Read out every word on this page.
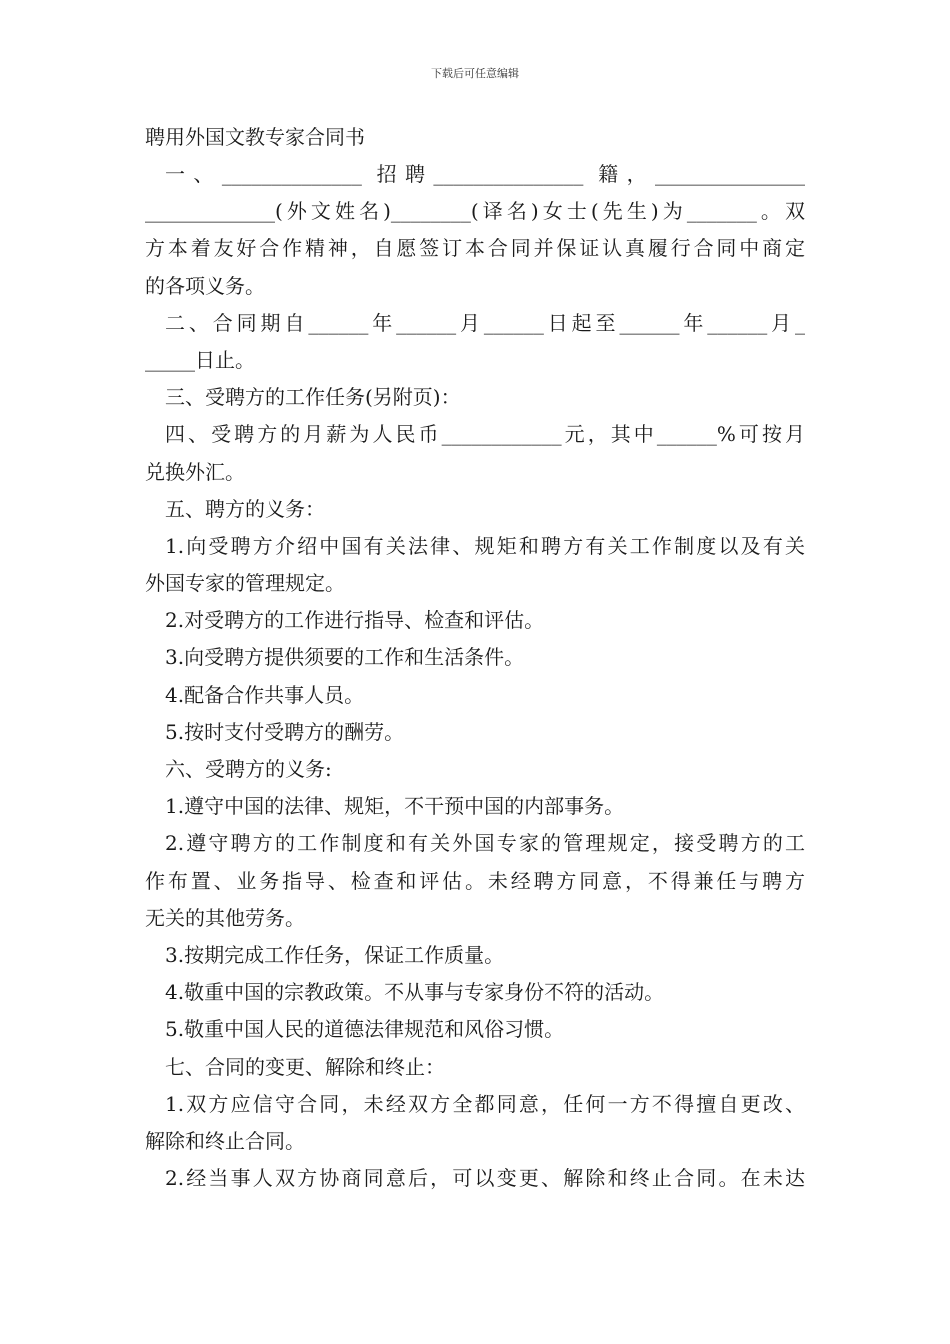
下载后可任意编辑
聘用外国文教专家合同书
一、______________ 招聘_______________ 籍，_______________
_____________(外文姓名)________(译名)女士(先生)为_______。双
方本着友好合作精神，自愿签订本合同并保证认真履行合同中商定
的各项义务。
二、合同期自______年______月______日起至______年______月_
_____日止。
三、受聘方的工作任务(另附页)：
四、受聘方的月薪为人民币____________元，其中______%可按月
兑换外汇。
五、聘方的义务：
1.向受聘方介绍中国有关法律、规矩和聘方有关工作制度以及有关
外国专家的管理规定。
2.对受聘方的工作进行指导、检查和评估。
3.向受聘方提供须要的工作和生活条件。
4.配备合作共事人员。
5.按时支付受聘方的酬劳。
六、受聘方的义务:
1.遵守中国的法律、规矩，不干预中国的内部事务。
2.遵守聘方的工作制度和有关外国专家的管理规定，接受聘方的工
作布置、业务指导、检查和评估。未经聘方同意，不得兼任与聘方
无关的其他劳务。
3.按期完成工作任务，保证工作质量。
4.敬重中国的宗教政策。不从事与专家身份不符的活动。
5.敬重中国人民的道德法律规范和风俗习惯。
七、合同的变更、解除和终止：
1.双方应信守合同，未经双方全都同意，任何一方不得擅自更改、
解除和终止合同。
2.经当事人双方协商同意后，可以变更、解除和终止合同。在未达
